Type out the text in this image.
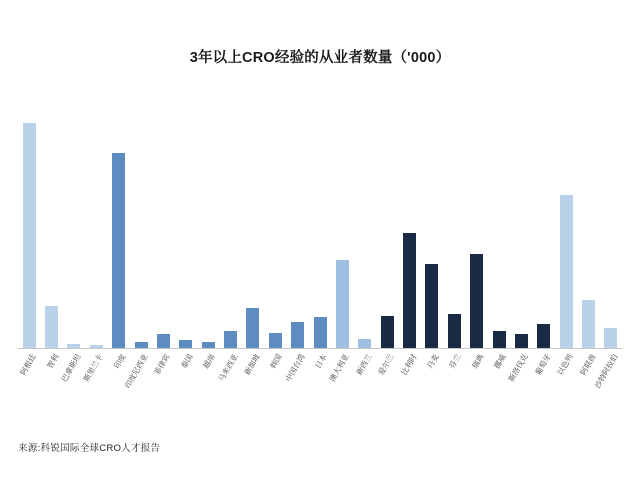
3年以上CRO经验的从业者数量（'000）
阿根廷 智利 巴拿斯坦 斯里兰卡 印度
印度尼西亚 菲律宾 泰国 越南 马来西亚 新加坡 韩国 中国台湾 日本 澳大利亚 新西兰 爱尔兰 比利时 丹麦 芬兰 瑞典 挪威 斯洛伐克 葡萄牙 以色列 阿联酋
沙特阿拉伯
来源:科锐国际全球CRO人才报告
